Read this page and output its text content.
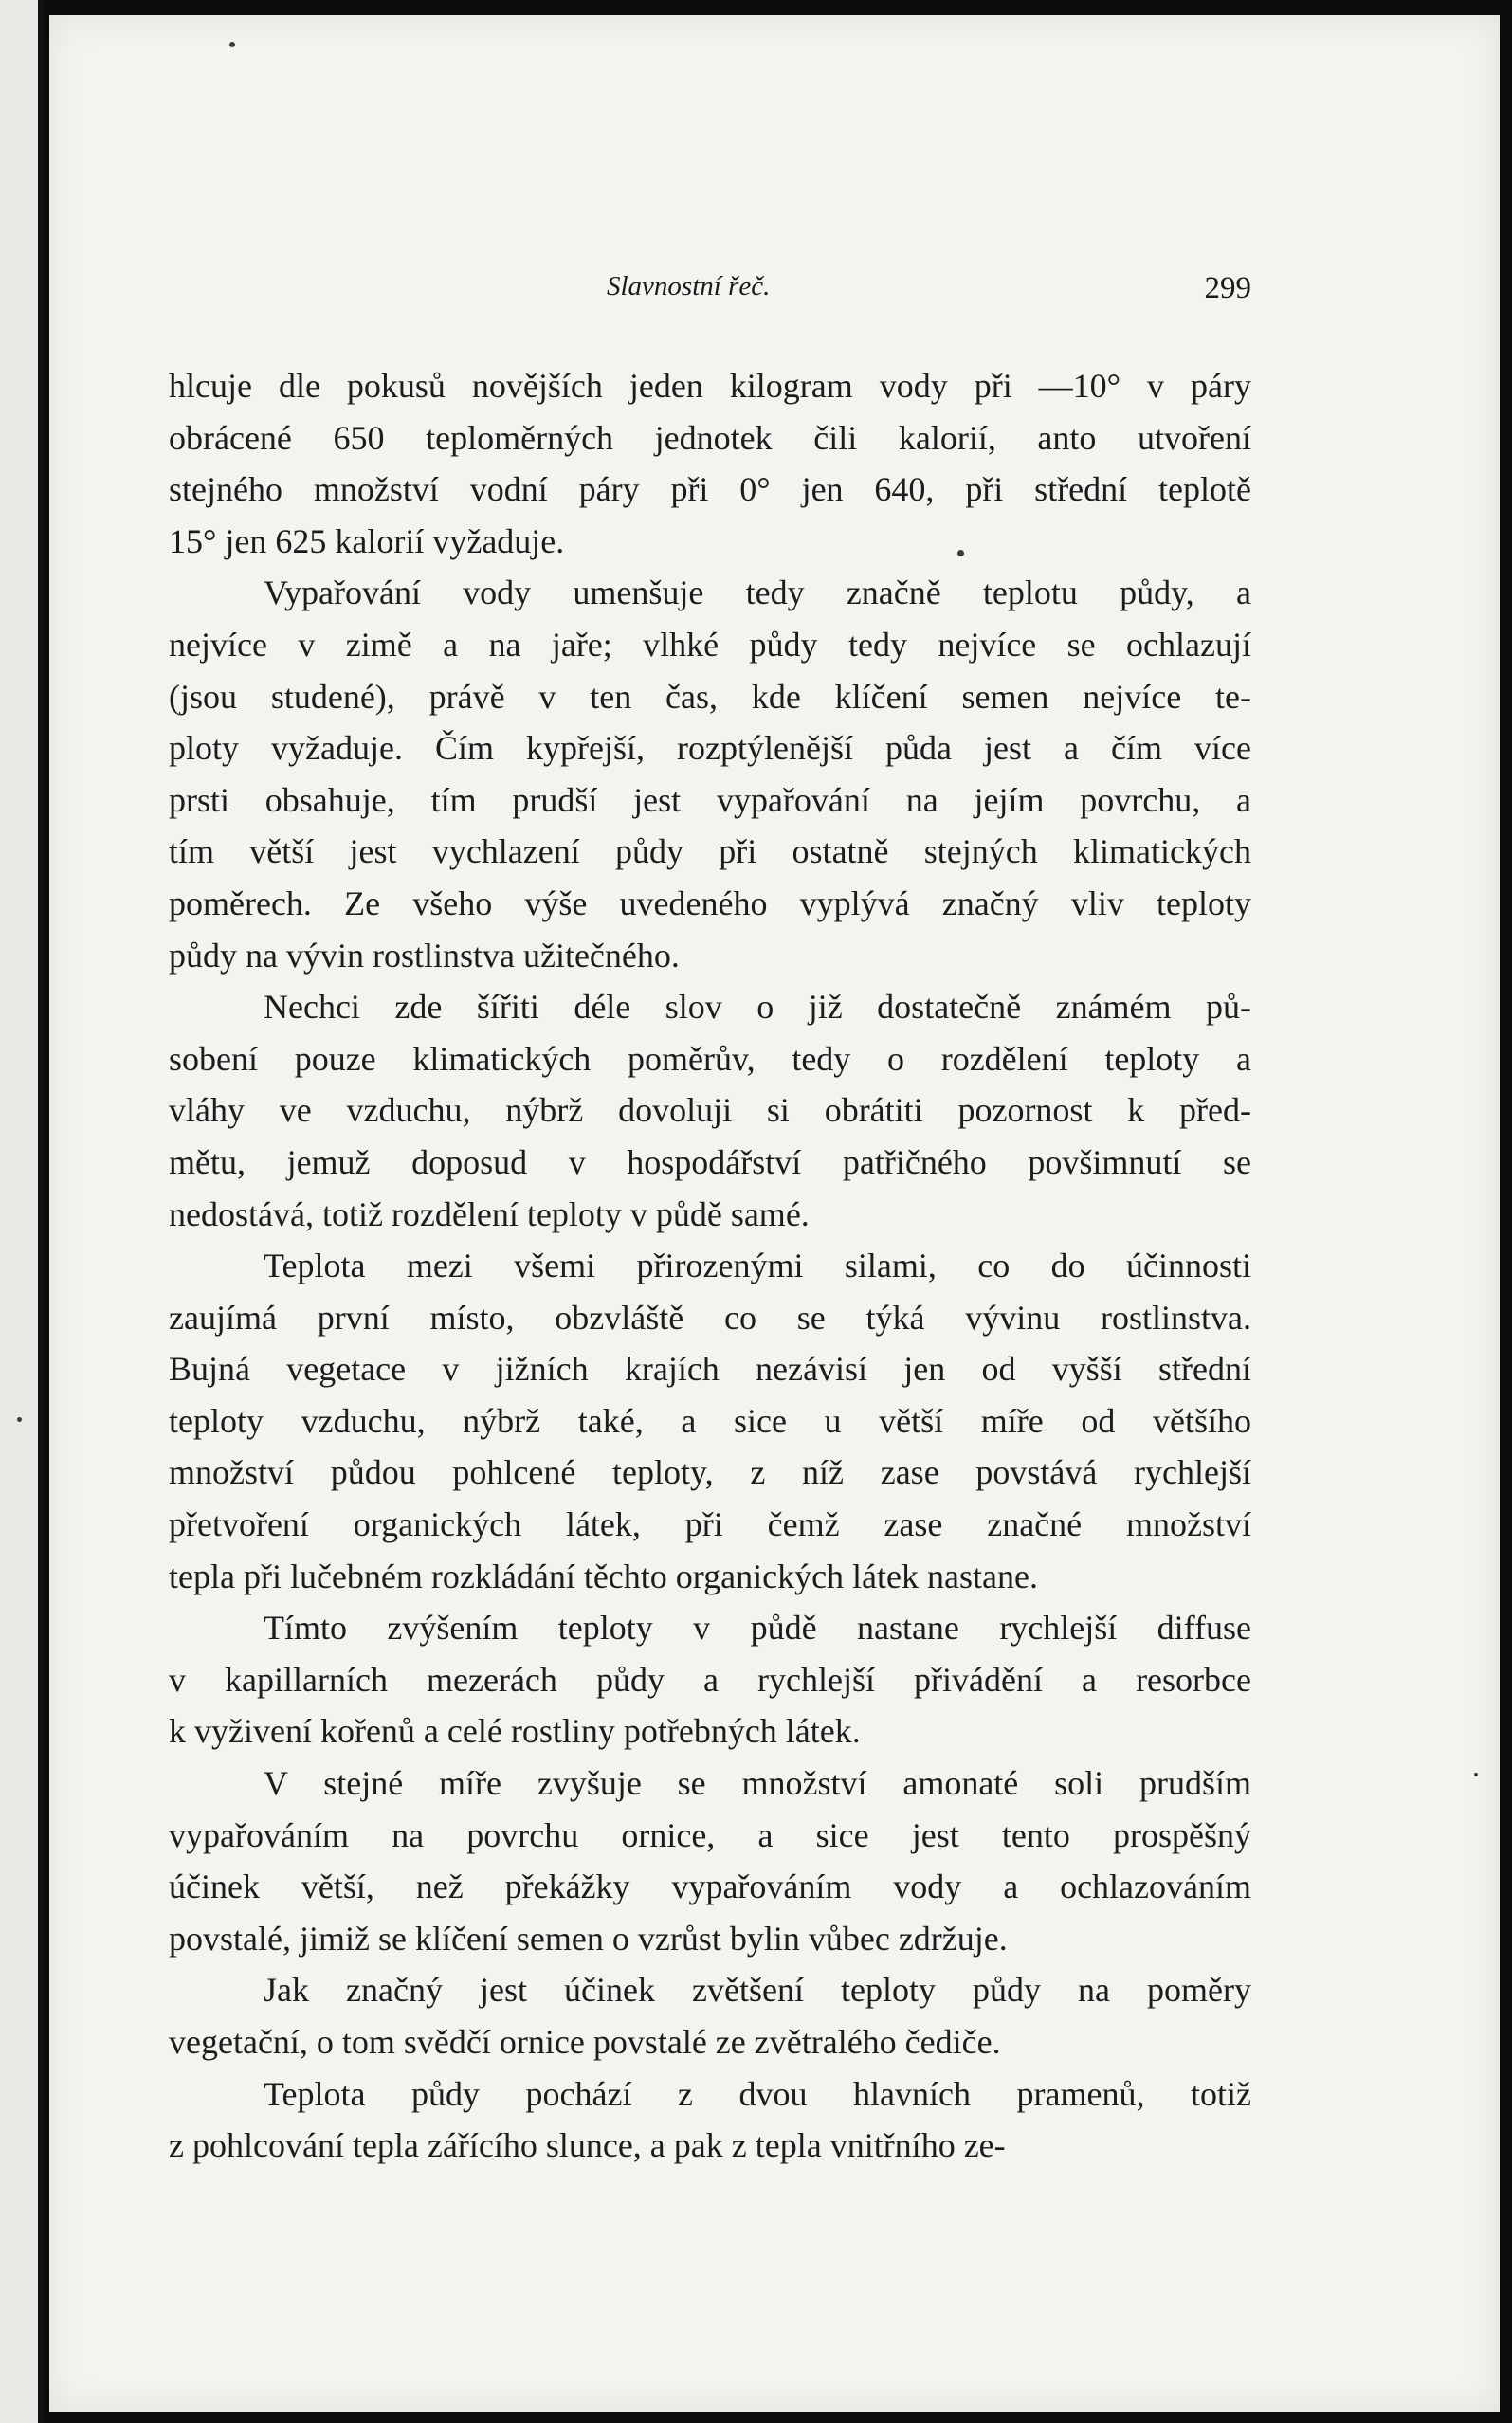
Slavnostní řeč.	299

hlcuje dle pokusů novějších jeden kilogram vody při —10° v páry
obrácené 650 teploměrných jednotek čili kalorií, anto utvoření
stejného množství vodní páry při 0° jen 640, při střední teplotě
15° jen 625 kalorií vyžaduje.

Vypařování vody umenšuje tedy značně teplotu půdy, a
nejvíce v zimě a na jaře; vlhké půdy tedy nejvíce se ochlazují
(jsou studené), právě v ten čas, kde klíčení semen nejvíce te-
ploty vyžaduje. Čím kypřejší, rozptýlenější půda jest a čím více
prsti obsahuje, tím prudší jest vypařování na jejím povrchu, a
tím větší jest vychlazení půdy při ostatně stejných klimatických
poměrech. Ze všeho výše uvedeného vyplývá značný vliv teploty
půdy na vývin rostlinstva užitečného.

Nechci zde šířiti déle slov o již dostatečně známém pů-
sobení pouze klimatických poměrův, tedy o rozdělení teploty a
vláhy ve vzduchu, nýbrž dovoluji si obrátiti pozornost k před-
mětu, jemuž doposud v hospodářství patřičného povšimnutí se
nedostává, totiž rozdělení teploty v půdě samé.

Teplota mezi všemi přirozenými silami, co do účinnosti
zaujímá první místo, obzvláště co se týká vývinu rostlinstva.
Bujná vegetace v jižních krajích nezávisí jen od vyšší střední
teploty vzduchu, nýbrž také, a sice u větší míře od většího
množství půdou pohlcené teploty, z níž zase povstává rychlejší
přetvoření organických látek, při čemž zase značné množství
tepla při lučebném rozkládání těchto organických látek nastane.

Tímto zvýšením teploty v půdě nastane rychlejší diffuse
v kapillarních mezerách půdy a rychlejší přivádění a resorbce
k vyživení kořenů a celé rostliny potřebných látek.

V stejné míře zvyšuje se množství amonaté soli prudším
vypařováním na povrchu ornice, a sice jest tento prospěšný
účinek větší, než překážky vypařováním vody a ochlazováním
povstalé, jimiž se klíčení semen o vzrůst bylin vůbec zdržuje.

Jak značný jest účinek zvětšení teploty půdy na poměry
vegetační, o tom svědčí ornice povstalé ze zvětralého čediče.

Teplota půdy pochází z dvou hlavních pramenů, totiž
z pohlcování tepla zářícího slunce, a pak z tepla vnitřního ze-
